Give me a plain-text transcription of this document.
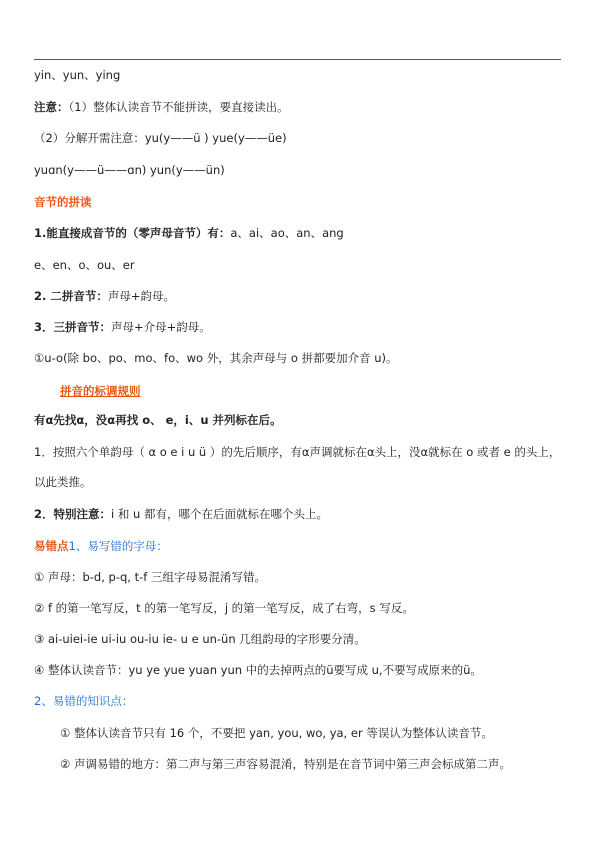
yin、yun、ying
注意：（1）整体认读音节不能拼读，要直接读出。
（2）分解开需注意：yu(y——ü ) yue(y——üe)
yuɑn(y——ü——ɑn) yun(y——ün)
音节的拼读
1.能直接成音节的（零声母音节）有：a、ai、ao、an、ang
e、en、o、ou、er
2. 二拼音节：声母+韵母。
3．三拼音节：声母+介母+韵母。
①u-o(除 bo、po、mo、fo、wo 外，其余声母与 o 拼都要加介音 u)。
拼音的标调规则
有α先找α，没α再找 o、 e，i、u 并列标在后。
1．按照六个单韵母（ α o e i u ü ）的先后顺序，有α声调就标在α头上，没α就标在 o 或者 e 的头上，
以此类推。
2．特别注意：i 和 u 都有，哪个在后面就标在哪个头上。
易错点1、易写错的字母：
① 声母：b-d, p-q, t-f 三组字母易混淆写错。
② f 的第一笔写反，t 的第一笔写反，j 的第一笔写反，成了右弯，s 写反。
③ ai-uiei-ie ui-iu ou-iu ie- u e un-ün 几组韵母的字形要分清。
④ 整体认读音节：yu ye yue yuan yun 中的去掉两点的ü要写成 u,不要写成原来的ü。
2、易错的知识点：
① 整体认读音节只有 16 个，不要把 yan, you, wo, ya, er 等误认为整体认读音节。
② 声调易错的地方：第二声与第三声容易混淆，特别是在音节词中第三声会标成第二声。
